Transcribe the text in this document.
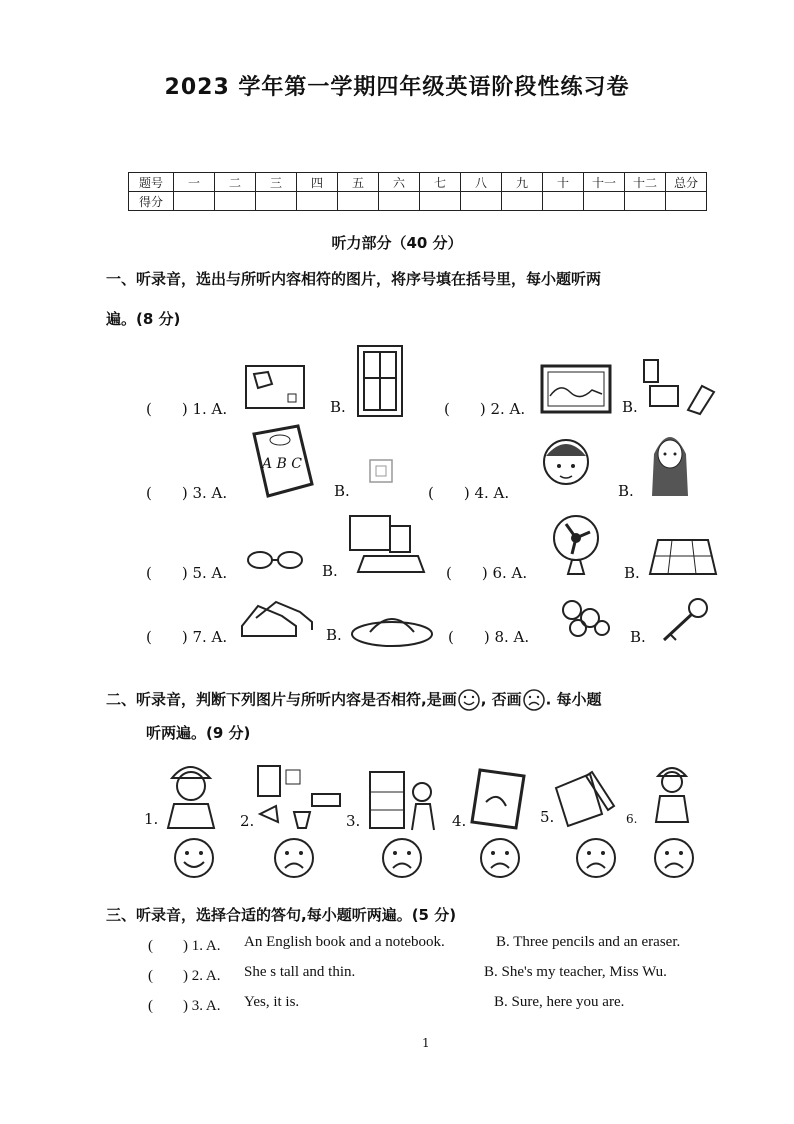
2023 学年第一学期四年级英语阶段性练习卷
题号	一	二	三	四	五	六	七	八	九	十	十一	十二	总分
得分													
听力部分（40 分）
一、听录音，选出与所听内容相符的图片，将序号填在括号里，每小题听两
遍。(8 分)
(　　) 1. A.	B.	(　　) 2. A.	B.
(　　) 3. A.
A B C
B.	(　　) 4. A.	B.
(　　) 5. A.	B.	(　　) 6. A.	B.
(　　) 7. A.	B.	(　　) 8. A.	B.
二、听录音，判断下列图片与所听内容是否相符,是画 , 否画 . 每小题
听两遍。(9 分)
1.	2.	3.	4.	5.	6.
三、听录音，选择合适的答句,每小题听两遍。(5 分)
(　　) 1. A. An English book and a notebook.	B. Three pencils and an eraser.
(　　) 2. A. She s tall and thin.	B. She's my teacher, Miss Wu.
(　　) 3. A. Yes, it is.	B. Sure, here you are.
1
